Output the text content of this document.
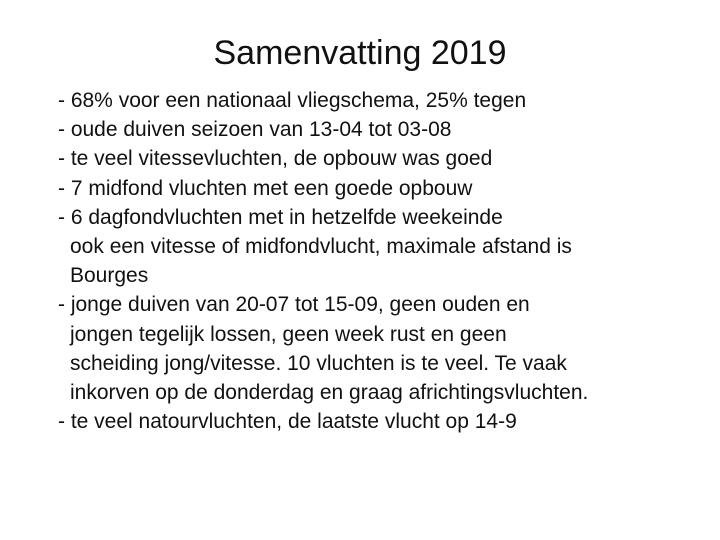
Samenvatting 2019
- 68% voor een nationaal vliegschema, 25% tegen
- oude duiven seizoen van 13-04 tot 03-08
- te veel vitessevluchten, de opbouw was goed
- 7 midfond vluchten met een goede opbouw
- 6 dagfondvluchten met in hetzelfde weekeinde
ook een vitesse of midfondvlucht, maximale afstand is
Bourges
- jonge duiven van 20-07 tot 15-09, geen ouden en
jongen tegelijk lossen, geen week rust en geen
scheiding jong/vitesse. 10 vluchten is te veel. Te vaak
inkorven op de donderdag en graag africhtingsvluchten.
- te veel natourvluchten, de laatste vlucht op 14-9
